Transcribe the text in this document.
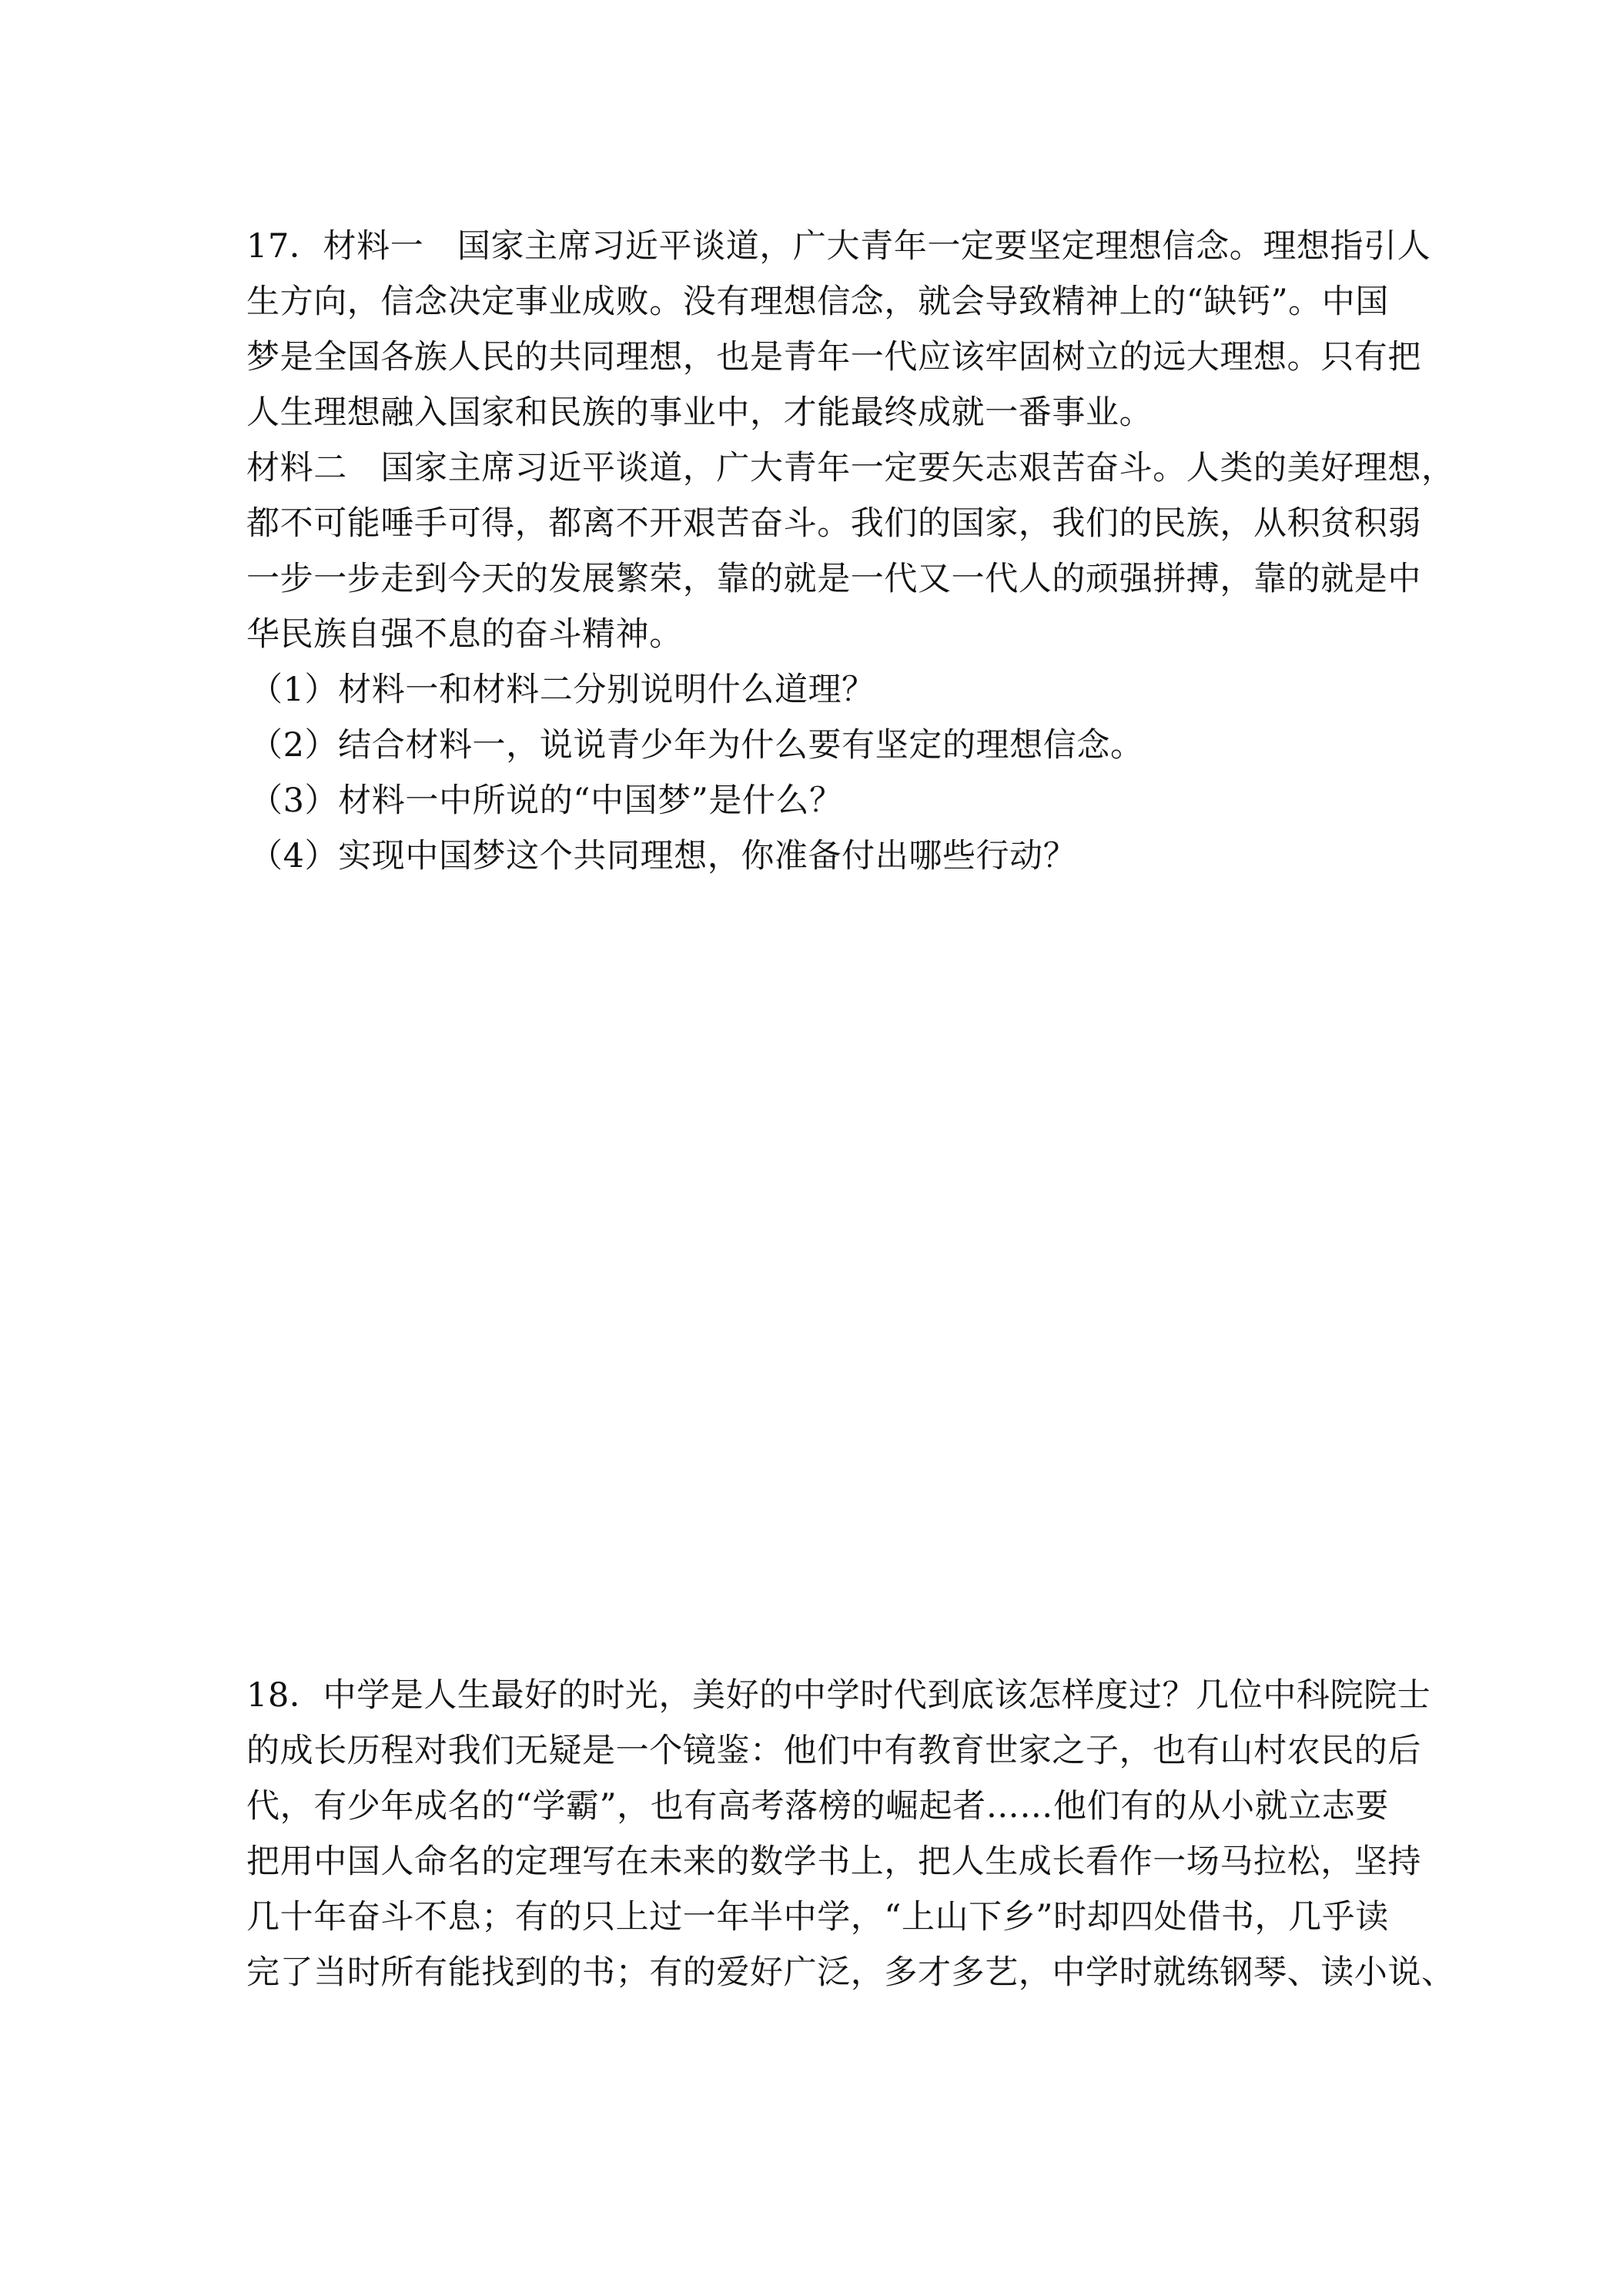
17．材料一　国家主席习近平谈道，广大青年一定要坚定理想信念。理想指引人
生方向，信念决定事业成败。没有理想信念，就会导致精神上的“缺钙”。中国
梦是全国各族人民的共同理想，也是青年一代应该牢固树立的远大理想。只有把
人生理想融入国家和民族的事业中，才能最终成就一番事业。
材料二　国家主席习近平谈道，广大青年一定要矢志艰苦奋斗。人类的美好理想，
都不可能唾手可得，都离不开艰苦奋斗。我们的国家，我们的民族，从积贫积弱
一步一步走到今天的发展繁荣，靠的就是一代又一代人的顽强拼搏，靠的就是中
华民族自强不息的奋斗精神。
（1）材料一和材料二分别说明什么道理？
（2）结合材料一，说说青少年为什么要有坚定的理想信念。
（3）材料一中所说的“中国梦”是什么？
（4）实现中国梦这个共同理想，你准备付出哪些行动？
18．中学是人生最好的时光，美好的中学时代到底该怎样度过？几位中科院院士
的成长历程对我们无疑是一个镜鉴：他们中有教育世家之子，也有山村农民的后
代，有少年成名的“学霸”，也有高考落榜的崛起者……他们有的从小就立志要
把用中国人命名的定理写在未来的数学书上，把人生成长看作一场马拉松，坚持
几十年奋斗不息；有的只上过一年半中学，“上山下乡”时却四处借书，几乎读
完了当时所有能找到的书；有的爱好广泛，多才多艺，中学时就练钢琴、读小说、
